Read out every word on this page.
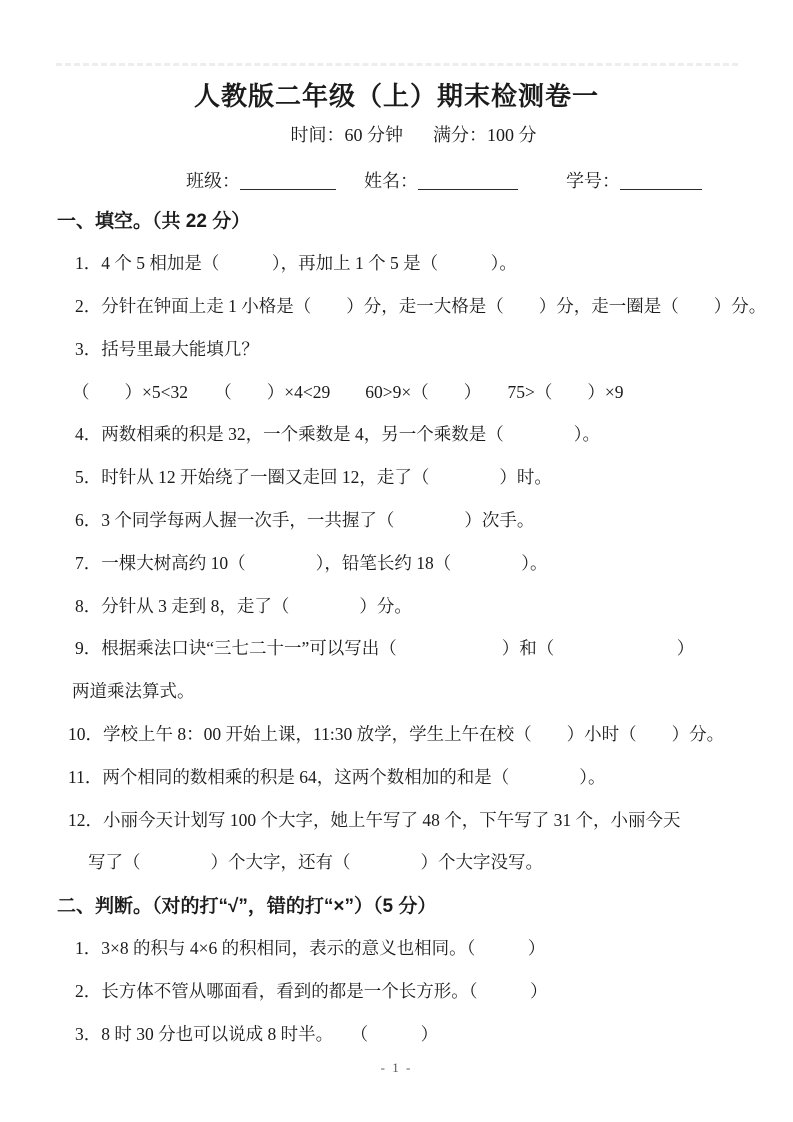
人教版二年级（上）期末检测卷一
时间：60 分钟 满分：100 分
班级：	姓名：	学号：
一、填空。（共 22 分）
1．4 个 5 相加是（　　　），再加上 1 个 5 是（　　　）。
2．分针在钟面上走 1 小格是（　　）分，走一大格是（　　）分，走一圈是（　　）分。
3．括号里最大能填几？
（　　）×5<32　　（　　）×4<29　　60>9×（　　）　　75>（　　）×9
4．两数相乘的积是 32，一个乘数是 4，另一个乘数是（　　　　）。
5．时针从 12 开始绕了一圈又走回 12，走了（　　　　）时。
6．3 个同学每两人握一次手，一共握了（　　　　）次手。
7．一棵大树高约 10（　　　　），铅笔长约 18（　　　　）。
8．分针从 3 走到 8，走了（　　　　）分。
9．根据乘法口诀“三七二十一”可以写出（　　　　　　）和（　　　　　　　）
两道乘法算式。
10．学校上午 8：00 开始上课，11:30 放学，学生上午在校（　　）小时（　　）分。
11．两个相同的数相乘的积是 64，这两个数相加的和是（　　　　）。
12．小丽今天计划写 100 个大字，她上午写了 48 个，下午写了 31 个，小丽今天
写了（　　　　）个大字，还有（　　　　）个大字没写。
二、判断。（对的打“√”，错的打“×”）（5 分）
1．3×8 的积与 4×6 的积相同，表示的意义也相同。（　　　）
2．长方体不管从哪面看，看到的都是一个长方形。（　　　）
3．8 时 30 分也可以说成 8 时半。　　（　　　）
- 1 -
